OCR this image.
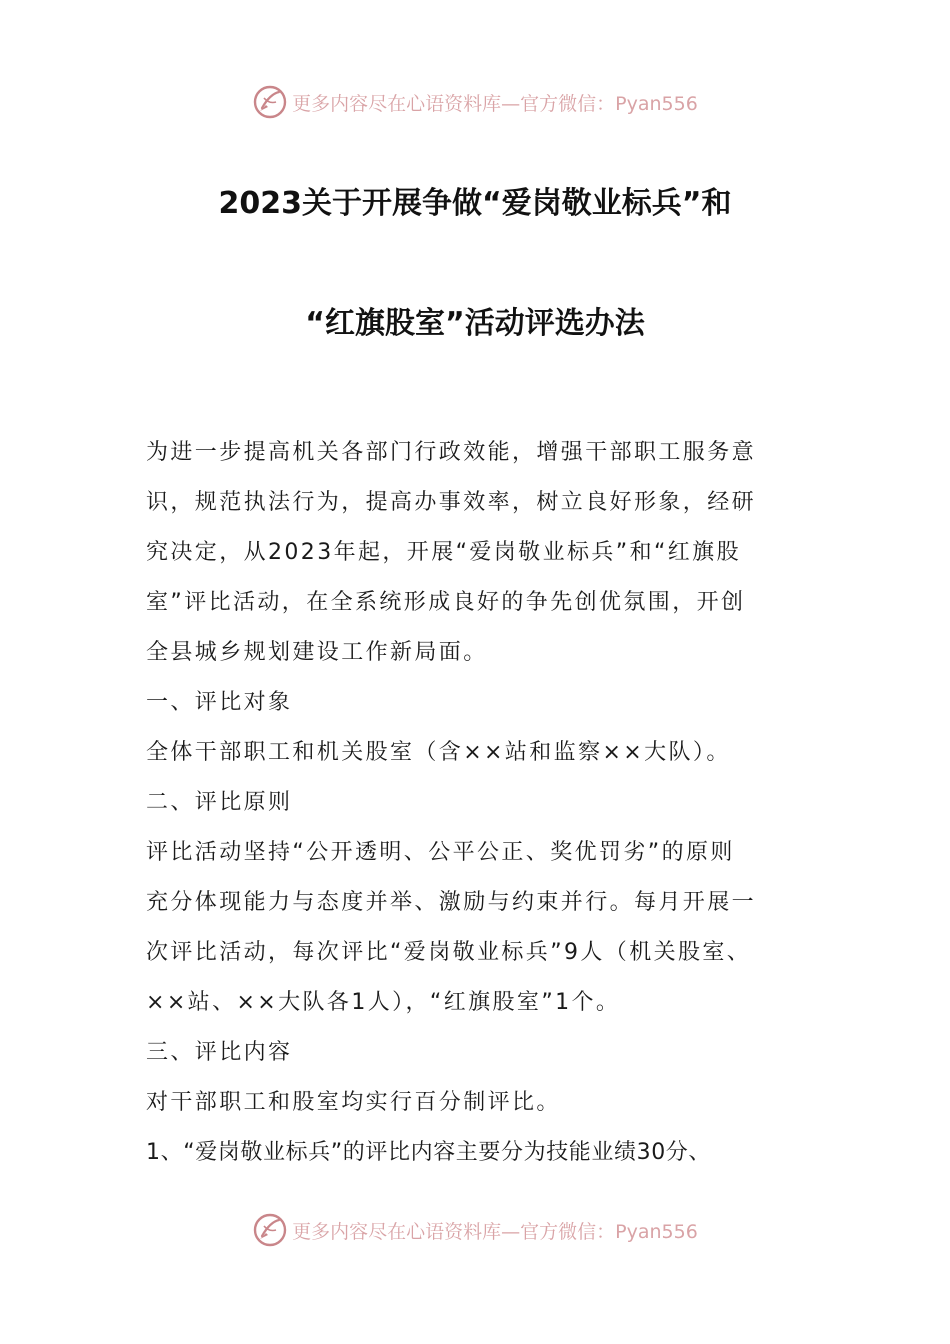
更多内容尽在心语资料库—官方微信：Pyan556
2023关于开展争做“爱岗敬业标兵”和
“红旗股室”活动评选办法
为进一步提高机关各部门行政效能，增强干部职工服务意
识，规范执法行为，提高办事效率，树立良好形象，经研
究决定，从2023年起，开展“爱岗敬业标兵”和“红旗股
室”评比活动，在全系统形成良好的争先创优氛围，开创
全县城乡规划建设工作新局面。
一、评比对象
全体干部职工和机关股室（含××站和监察××大队）。
二、评比原则
评比活动坚持“公开透明、公平公正、奖优罚劣”的原则
充分体现能力与态度并举、激励与约束并行。每月开展一
次评比活动，每次评比“爱岗敬业标兵”9人（机关股室、
××站、××大队各1人），“红旗股室”1个。
三、评比内容
对干部职工和股室均实行百分制评比。
1、“爱岗敬业标兵”的评比内容主要分为技能业绩30分、
更多内容尽在心语资料库—官方微信：Pyan556
